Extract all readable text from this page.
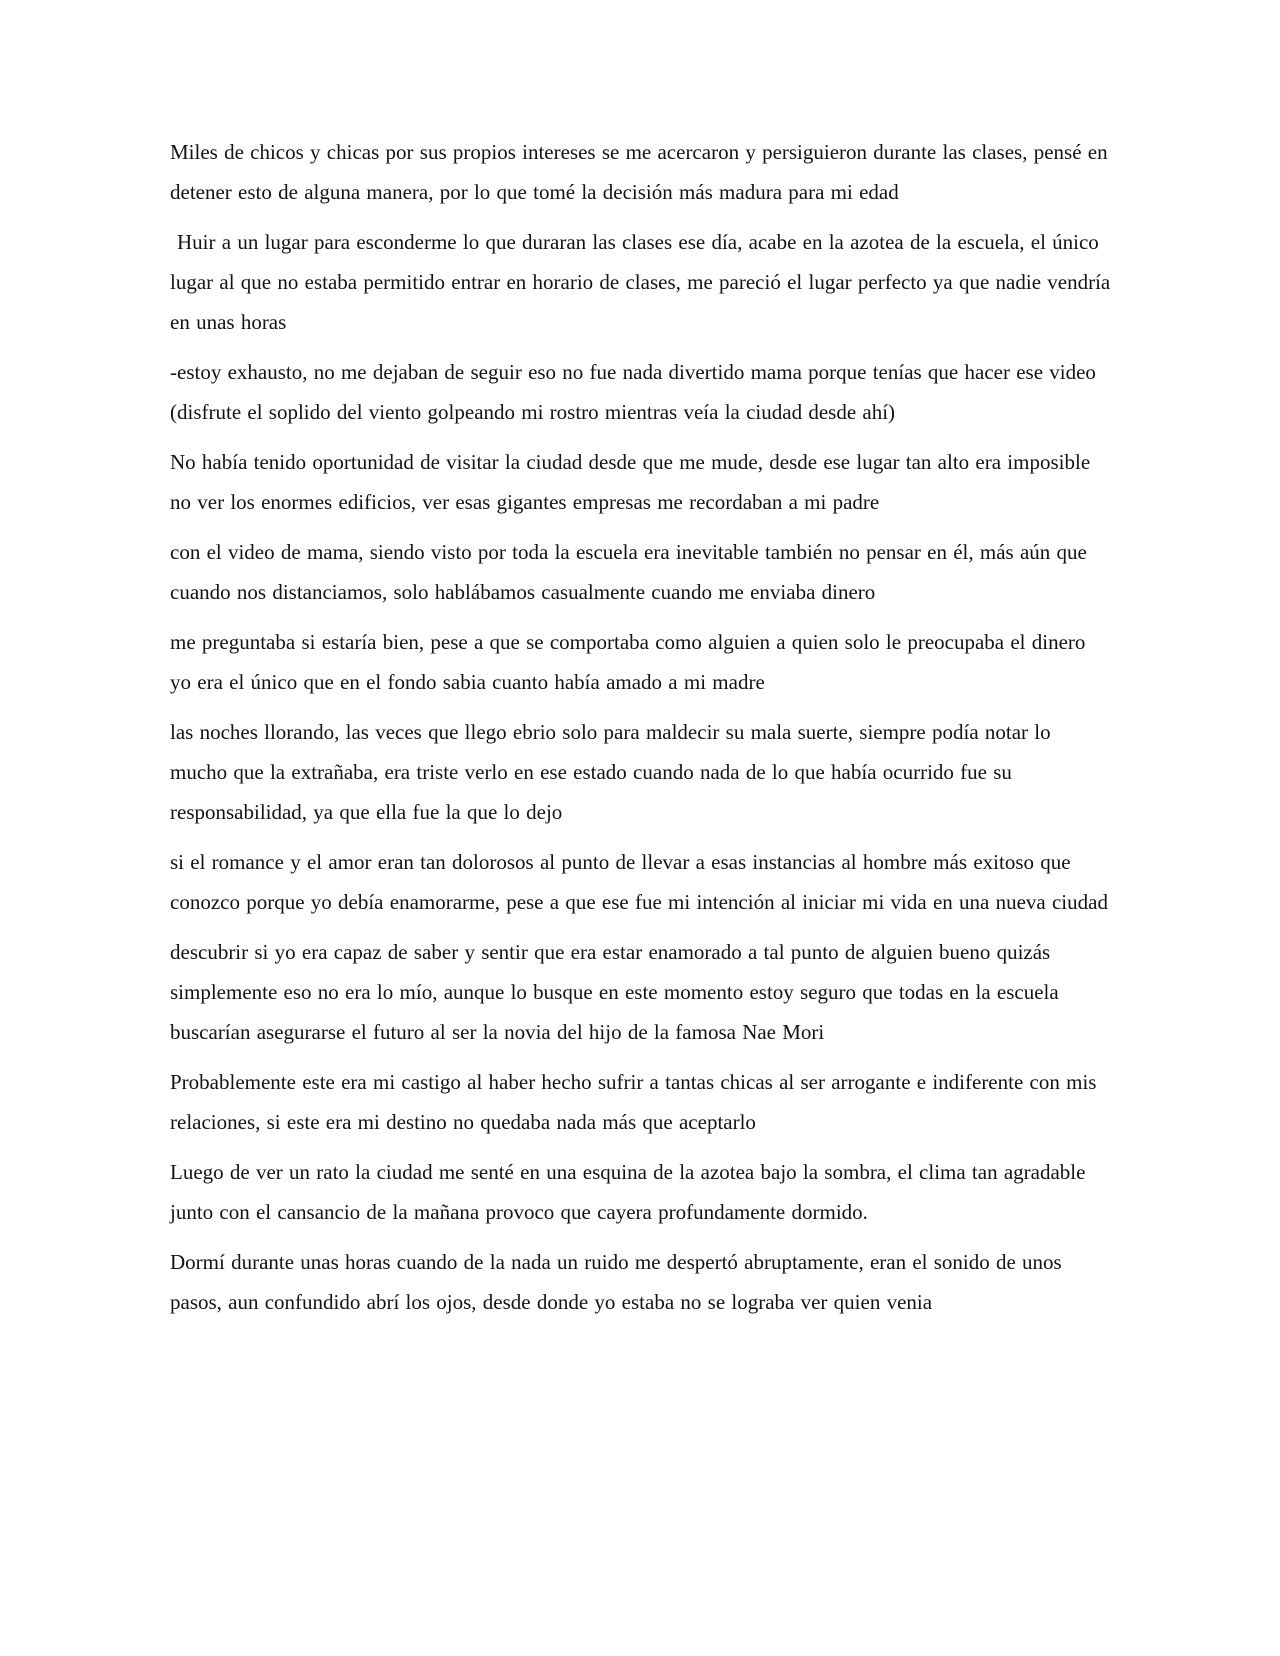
Miles de chicos y chicas por sus propios intereses se me acercaron y persiguieron durante las clases, pensé en detener esto de alguna manera, por lo que tomé la decisión más madura para mi edad

Huir a un lugar para esconderme lo que duraran las clases ese día, acabe en la azotea de la escuela, el único lugar al que no estaba permitido entrar en horario de clases, me pareció el lugar perfecto ya que nadie vendría en unas horas

-estoy exhausto, no me dejaban de seguir eso no fue nada divertido mama porque tenías que hacer ese video (disfrute el soplido del viento golpeando mi rostro mientras veía la ciudad desde ahí)

No había tenido oportunidad de visitar la ciudad desde que me mude, desde ese lugar tan alto era imposible no ver los enormes edificios, ver esas gigantes empresas me recordaban a mi padre

con el video de mama, siendo visto por toda la escuela era inevitable también no pensar en él, más aún que cuando nos distanciamos, solo hablábamos casualmente cuando me enviaba dinero

me preguntaba si estaría bien, pese a que se comportaba como alguien a quien solo le preocupaba el dinero yo era el único que en el fondo sabia cuanto había amado a mi madre

las noches llorando, las veces que llego ebrio solo para maldecir su mala suerte, siempre podía notar lo mucho que la extrañaba, era triste verlo en ese estado cuando nada de lo que había ocurrido fue su responsabilidad, ya que ella fue la que lo dejo

si el romance y el amor eran tan dolorosos al punto de llevar a esas instancias al hombre más exitoso que conozco porque yo debía enamorarme, pese a que ese fue mi intención al iniciar mi vida en una nueva ciudad

descubrir si yo era capaz de saber y sentir que era estar enamorado a tal punto de alguien bueno quizás simplemente eso no era lo mío, aunque lo busque en este momento estoy seguro que todas en la escuela buscarían asegurarse el futuro al ser la novia del hijo de la famosa Nae Mori

Probablemente este era mi castigo al haber hecho sufrir a tantas chicas al ser arrogante e indiferente con mis relaciones, si este era mi destino no quedaba nada más que aceptarlo

Luego de ver un rato la ciudad me senté en una esquina de la azotea bajo la sombra, el clima tan agradable junto con el cansancio de la mañana provoco que cayera profundamente dormido.

Dormí durante unas horas cuando de la nada un ruido me despertó abruptamente, eran el sonido de unos pasos, aun confundido abrí los ojos, desde donde yo estaba no se lograba ver quien venia
